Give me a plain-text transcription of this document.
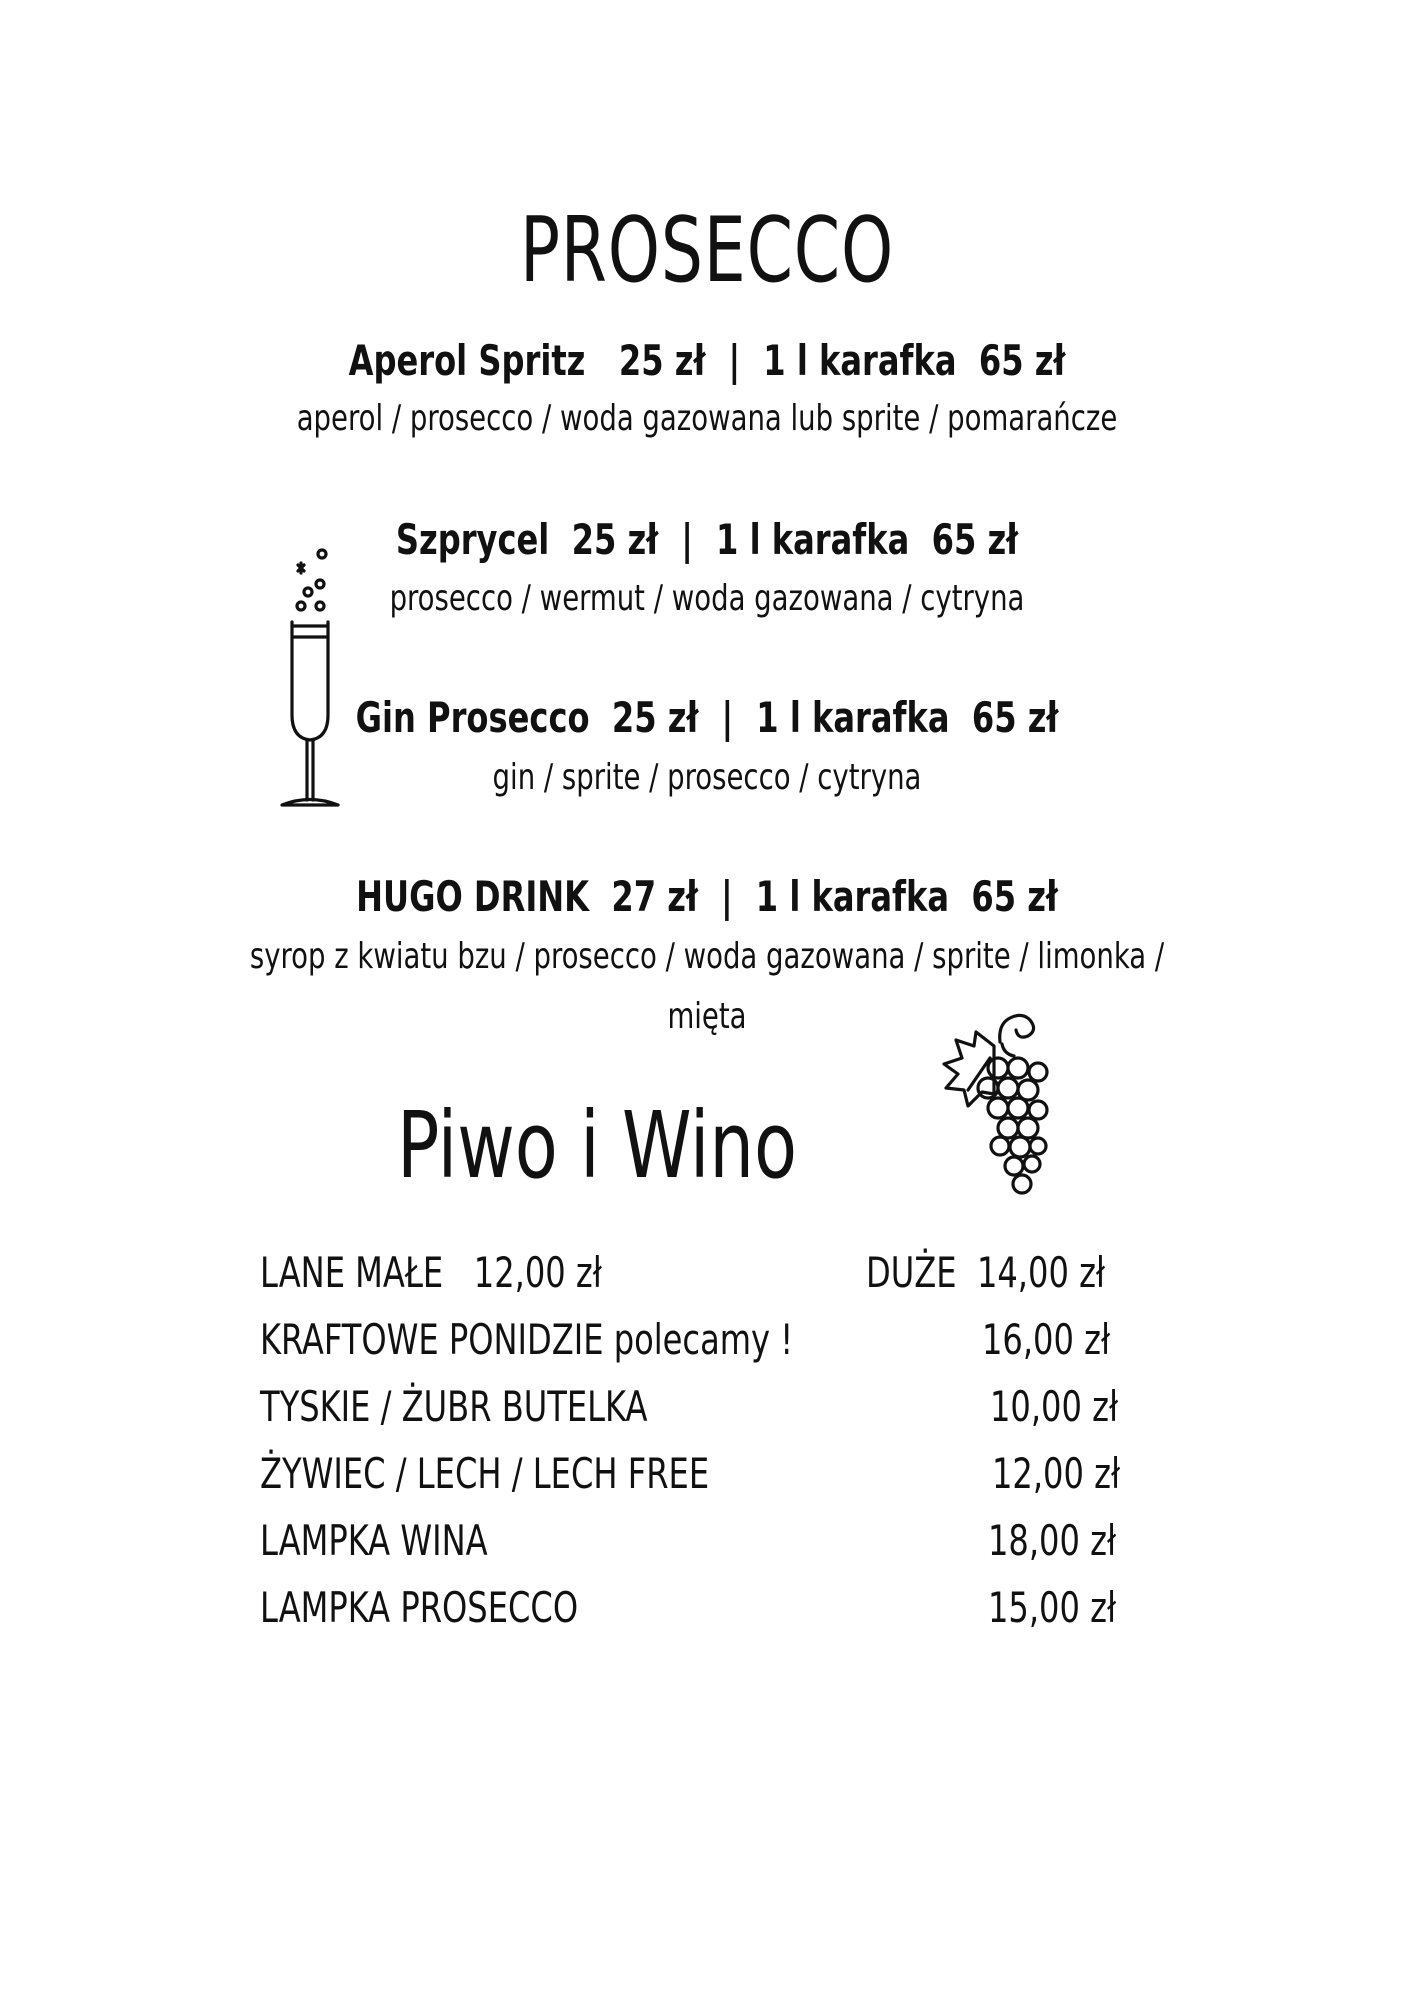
PROSECCO
Aperol Spritz 25 zł | 1 l karafka 65 zł
aperol / prosecco / woda gazowana lub sprite / pomarańcze
Szprycel 25 zł | 1 l karafka 65 zł
prosecco / wermut / woda gazowana / cytryna
Gin Prosecco 25 zł | 1 l karafka 65 zł
gin / sprite / prosecco / cytryna
HUGO DRINK 27 zł | 1 l karafka 65 zł
syrop z kwiatu bzu / prosecco / woda gazowana / sprite / limonka /
mięta
Piwo i Wino
LANE MAŁE 12,00 zł	DUŻE 14,00 zł
KRAFTOWE PONIDZIE polecamy !	16,00 zł
TYSKIE / ŻUBR BUTELKA	10,00 zł
ŻYWIEC / LECH / LECH FREE	12,00 zł
LAMPKA WINA	18,00 zł
LAMPKA PROSECCO	15,00 zł
